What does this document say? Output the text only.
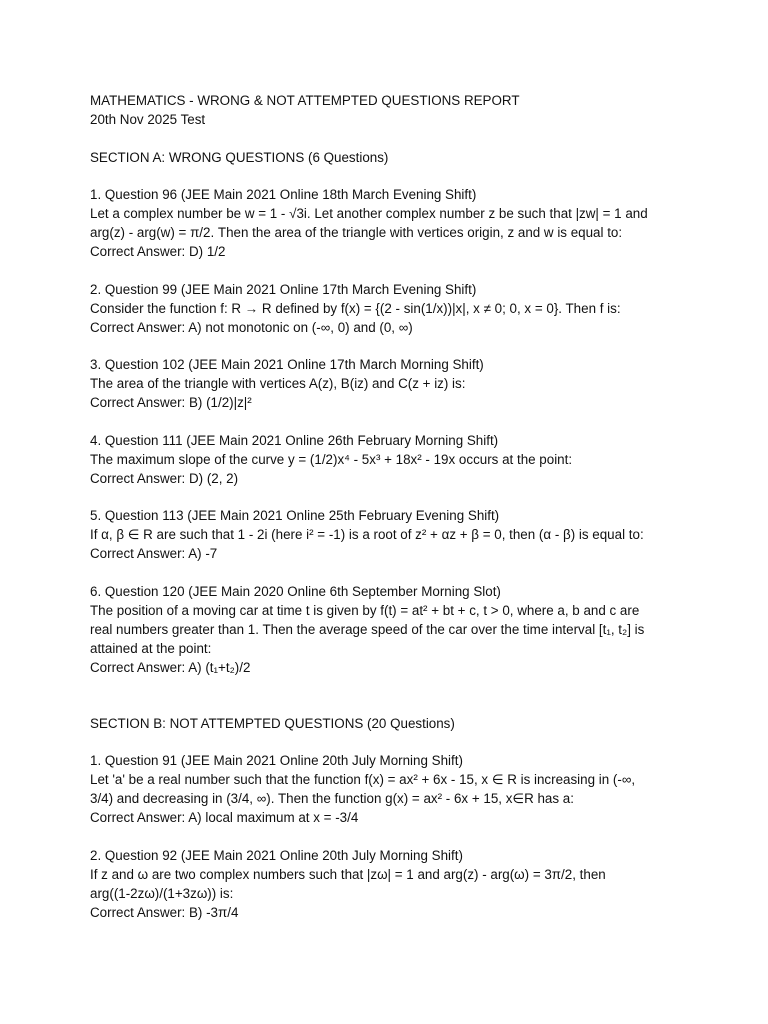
MATHEMATICS - WRONG & NOT ATTEMPTED QUESTIONS REPORT
20th Nov 2025 Test
SECTION A: WRONG QUESTIONS (6 Questions)
1. Question 96 (JEE Main 2021 Online 18th March Evening Shift)
Let a complex number be w = 1 - √3i. Let another complex number z be such that |zw| = 1 and
arg(z) - arg(w) = π/2. Then the area of the triangle with vertices origin, z and w is equal to:
Correct Answer: D) 1/2
2. Question 99 (JEE Main 2021 Online 17th March Evening Shift)
Consider the function f: R → R defined by f(x) = {(2 - sin(1/x))|x|, x ≠ 0; 0, x = 0}. Then f is:
Correct Answer: A) not monotonic on (-∞, 0) and (0, ∞)
3. Question 102 (JEE Main 2021 Online 17th March Morning Shift)
The area of the triangle with vertices A(z), B(iz) and C(z + iz) is:
Correct Answer: B) (1/2)|z|²
4. Question 111 (JEE Main 2021 Online 26th February Morning Shift)
The maximum slope of the curve y = (1/2)x⁴ - 5x³ + 18x² - 19x occurs at the point:
Correct Answer: D) (2, 2)
5. Question 113 (JEE Main 2021 Online 25th February Evening Shift)
If α, β ∈ R are such that 1 - 2i (here i² = -1) is a root of z² + αz + β = 0, then (α - β) is equal to:
Correct Answer: A) -7
6. Question 120 (JEE Main 2020 Online 6th September Morning Slot)
The position of a moving car at time t is given by f(t) = at² + bt + c, t > 0, where a, b and c are
real numbers greater than 1. Then the average speed of the car over the time interval [t₁, t₂] is
attained at the point:
Correct Answer: A) (t₁+t₂)/2
SECTION B: NOT ATTEMPTED QUESTIONS (20 Questions)
1. Question 91 (JEE Main 2021 Online 20th July Morning Shift)
Let 'a' be a real number such that the function f(x) = ax² + 6x - 15, x ∈ R is increasing in (-∞,
3/4) and decreasing in (3/4, ∞). Then the function g(x) = ax² - 6x + 15, x∈R has a:
Correct Answer: A) local maximum at x = -3/4
2. Question 92 (JEE Main 2021 Online 20th July Morning Shift)
If z and ω are two complex numbers such that |zω| = 1 and arg(z) - arg(ω) = 3π/2, then
arg((1-2zω)/(1+3zω)) is:
Correct Answer: B) -3π/4
